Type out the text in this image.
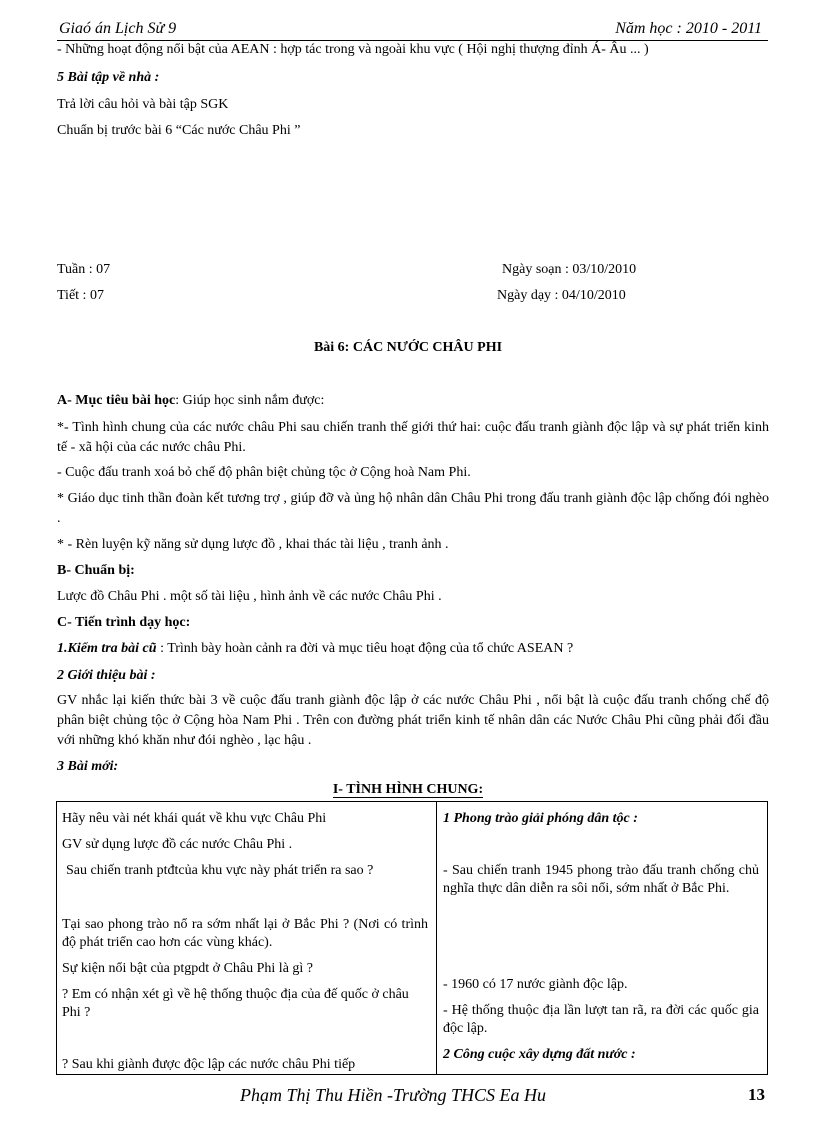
Giaó án Lịch Sử 9	Năm học : 2010 - 2011
- Những hoạt động nổi bật của AEAN : hợp tác trong và ngoài khu vực ( Hội nghị thượng đỉnh Á- Âu ... )
5 Bài tập về nhà :
Trả lời câu hỏi và bài tập SGK
Chuẩn bị trước bài 6 “Các nước Châu Phi ”
Tuần : 07
Tiết : 07
Ngày soạn : 03/10/2010
Ngày dạy : 04/10/2010
Bài 6: CÁC NƯỚC CHÂU PHI
A- Mục tiêu bài học: Giúp học sinh nắm được:
*- Tình hình chung của các nước châu Phi sau chiến tranh thế giới thứ hai: cuộc đấu tranh giành độc lập và sự phát triển kinh tế - xã hội của các nước châu Phi.
- Cuộc đấu tranh xoá bỏ chế độ phân biệt chủng tộc ở Cộng hoà Nam Phi.
* Giáo dục tinh thần đoàn kết tương trợ , giúp đỡ và ủng hộ nhân dân Châu Phi trong đấu tranh giành độc lập chống đói nghèo .
* - Rèn luyện kỹ năng sử dụng lược đồ , khai thác tài liệu , tranh ảnh .
B- Chuẩn bị:
Lược đồ Châu Phi . một số tài liệu , hình ảnh về các nước Châu Phi .
C- Tiến trình dạy học:
1.Kiểm tra bài cũ : Trình bày hoàn cảnh ra đời và mục tiêu hoạt động của tổ chức ASEAN ?
2 Giới thiệu bài :
GV nhắc lại kiến thức bài 3 về cuộc đấu tranh giành độc lập ở các nước Châu Phi , nổi bật là cuộc đấu tranh chống chế độ phân biệt chủng tộc ở Cộng hòa Nam Phi . Trên con đường phát triển kinh tế nhân dân các Nước Châu Phi cũng phải đối đầu với những khó khăn như đói nghèo , lạc hậu .
3 Bài mới:
I- TÌNH HÌNH CHUNG:
Hãy nêu vài nét khái quát về khu vực Châu Phi
GV sử dụng lược đồ các nước Châu Phi .
Sau chiến tranh ptđtcủa khu vực này phát triển ra sao ?
Tại sao phong trào nổ ra sớm nhất lại ở Bắc Phi ? (Nơi có trình độ phát triển cao hơn các vùng khác).
Sự kiện nổi bật của ptgpdt ở Châu Phi là gì ?
? Em có nhận xét gì về hệ thống thuộc địa của đế quốc ở châu Phi ?
? Sau khi giành được độc lập các nước châu Phi tiếp
1 Phong trào giải phóng dân tộc :
- Sau chiến tranh 1945 phong trào đấu tranh chống chủ nghĩa thực dân diễn ra sôi nổi, sớm nhất ở Bắc Phi.
- 1960 có 17 nước giành độc lập.
- Hệ thống thuộc địa lần lượt tan rã, ra đời các quốc gia độc lập.
2 Công cuộc xây dựng đất nước :
Phạm Thị Thu Hiền -Trường THCS Ea Hu	13
